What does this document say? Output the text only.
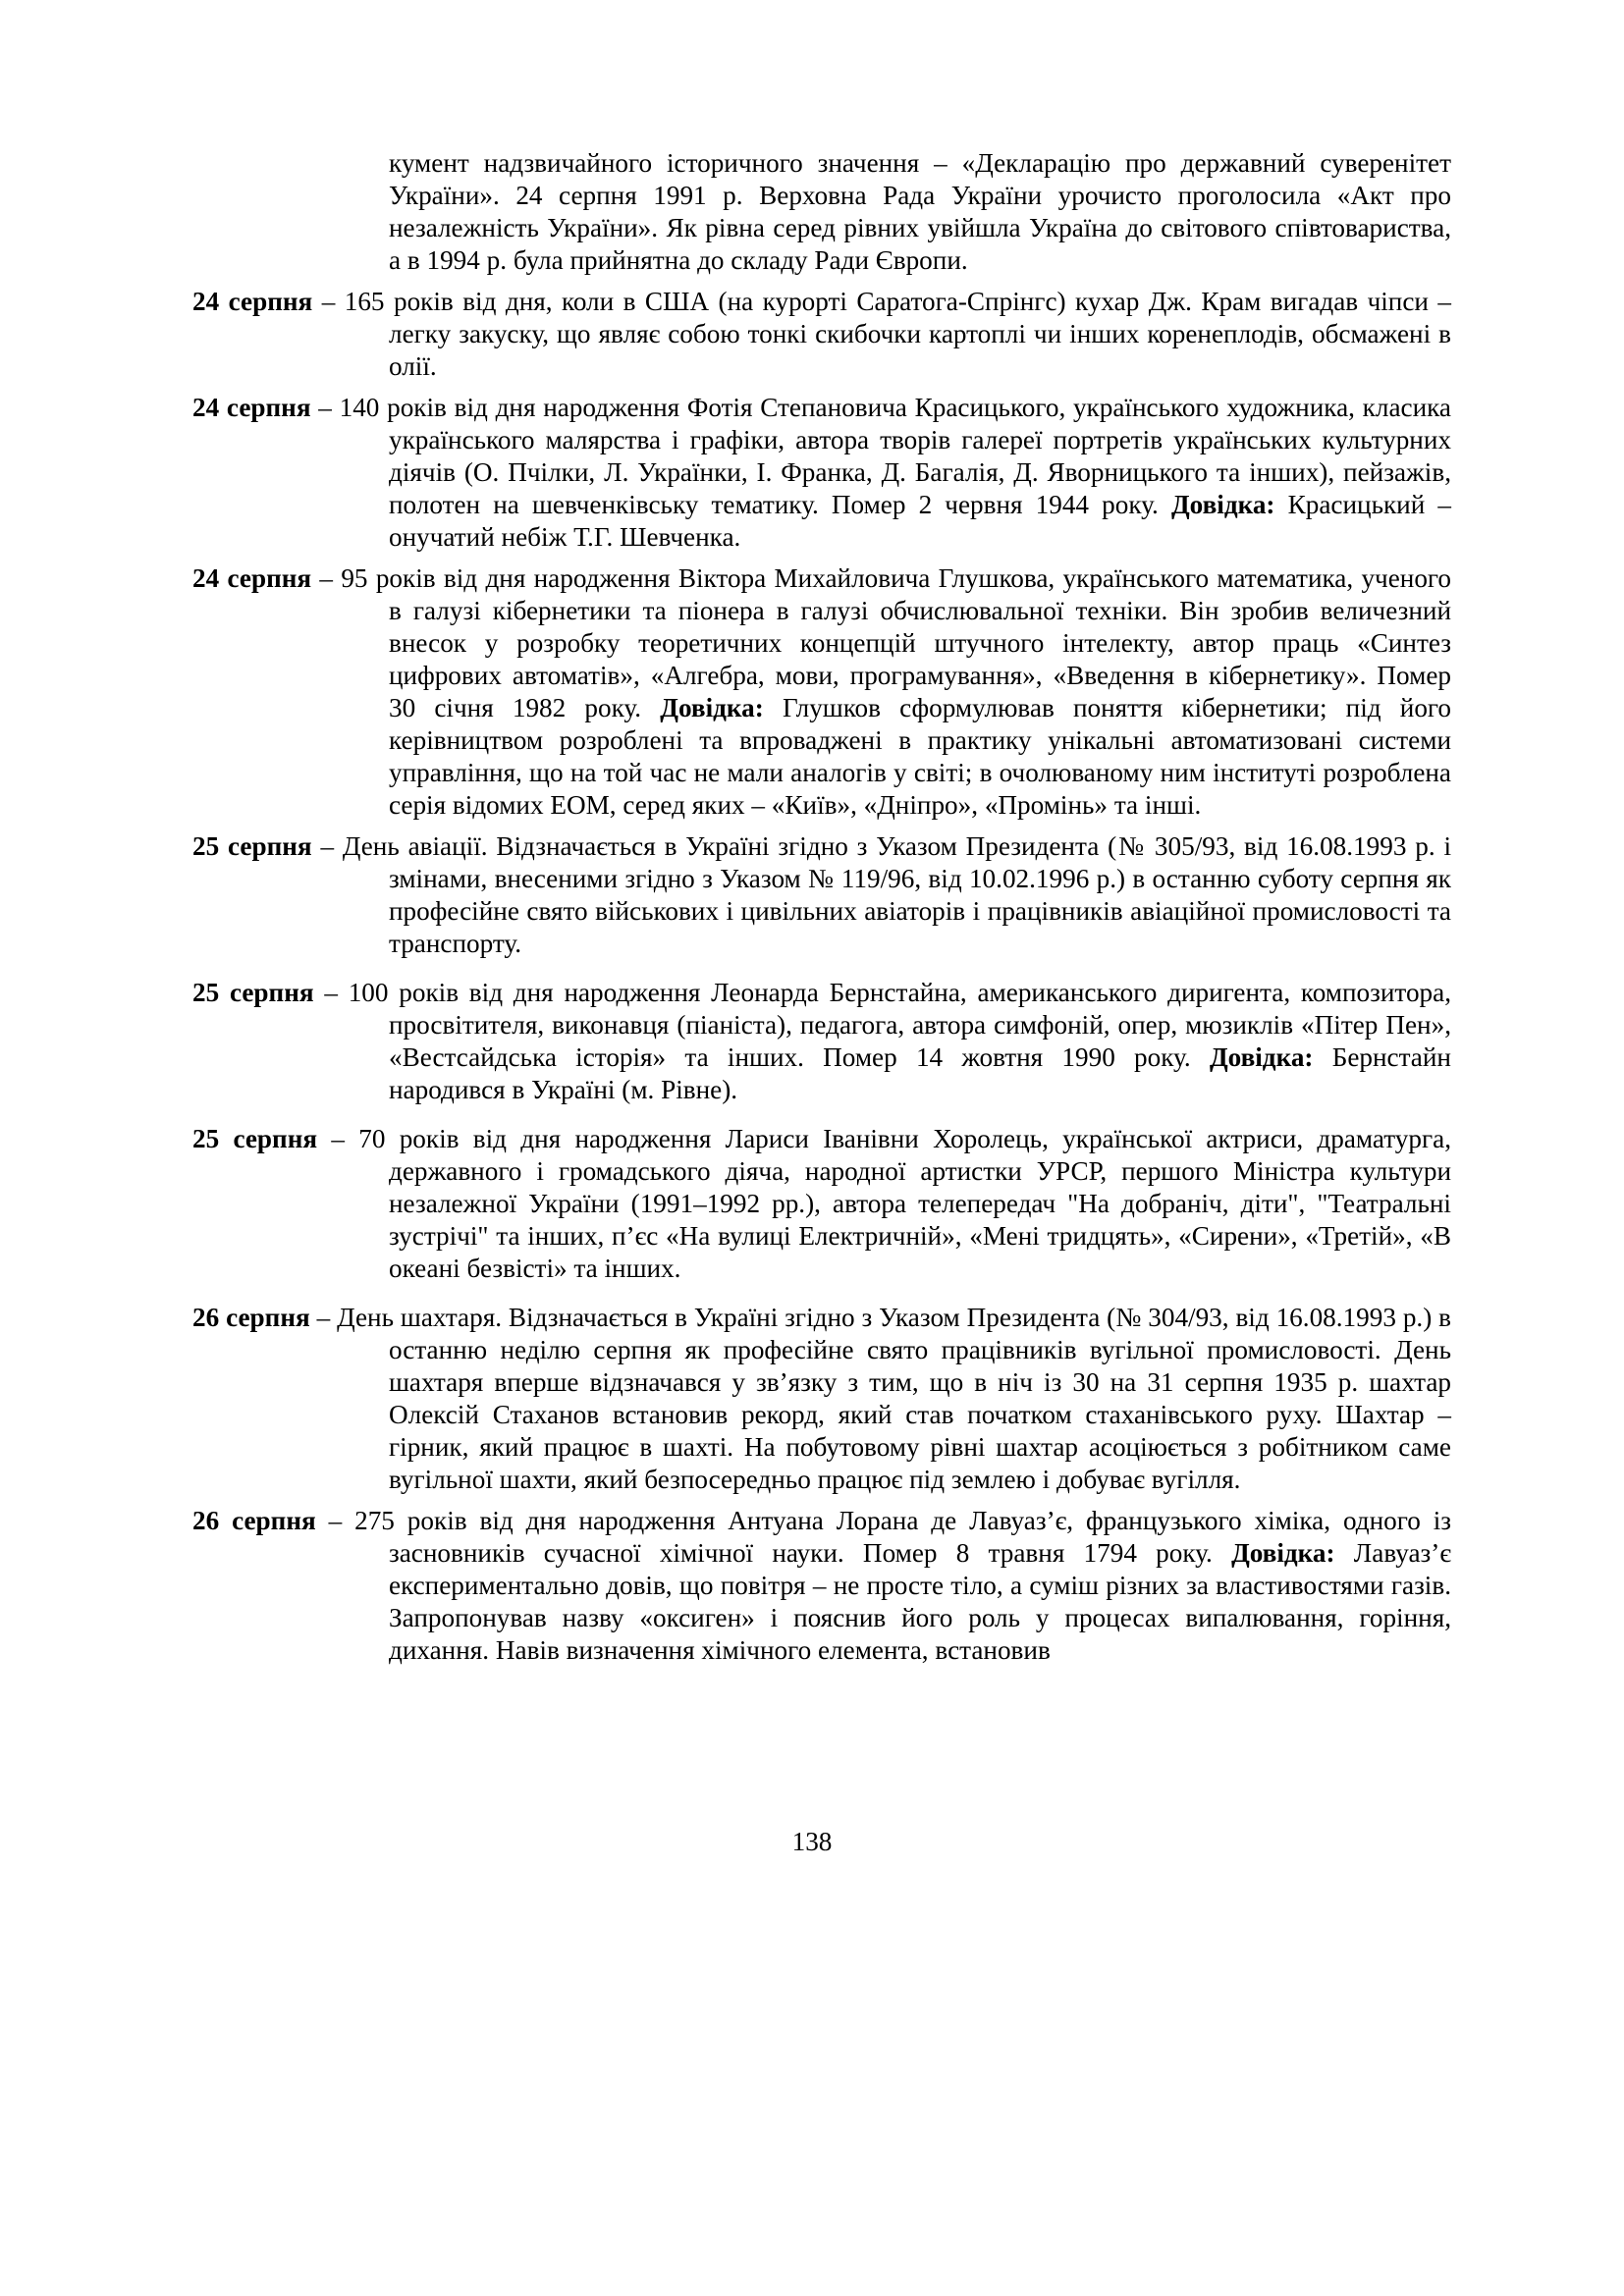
кумент надзвичайного історичного значення – «Декларацію про державний суверенітет України». 24 серпня 1991 р. Верховна Рада України урочисто проголосила «Акт про незалежність України». Як рівна серед рівних увійшла Україна до світового співтовариства, а в 1994 р. була прийнятна до складу Ради Європи.

24 серпня – 165 років від дня, коли в США (на курорті Саратога-Спрінгс) кухар Дж. Крам вигадав чіпси – легку закуску, що являє собою тонкі скибочки картоплі чи інших коренеплодів, обсмажені в олії.

24 серпня – 140 років від дня народження Фотія Степановича Красицького, українського художника, класика українського малярства і графіки, автора творів галереї портретів українських культурних діячів (О. Пчілки, Л. Українки, І. Франка, Д. Багалія, Д. Яворницького та інших), пейзажів, полотен на шевченківську тематику. Помер 2 червня 1944 року. Довідка: Красицький – онучатий небіж Т.Г. Шевченка.

24 серпня – 95 років від дня народження Віктора Михайловича Глушкова, українського математика, ученого в галузі кібернетики та піонера в галузі обчислювальної техніки. Він зробив величезний внесок у розробку теоретичних концепцій штучного інтелекту, автор праць «Синтез цифрових автоматів», «Алгебра, мови, програмування», «Введення в кібернетику». Помер 30 січня 1982 року. Довідка: Глушков сформулював поняття кібернетики; під його керівництвом розроблені та впроваджені в практику унікальні автоматизовані системи управління, що на той час не мали аналогів у світі; в очолюваному ним інституті розроблена серія відомих ЕОМ, серед яких – «Київ», «Дніпро», «Промінь» та інші.

25 серпня – День авіації. Відзначається в Україні згідно з Указом Президента (№ 305/93, від 16.08.1993 р. і змінами, внесеними згідно з Указом № 119/96, від 10.02.1996 р.) в останню суботу серпня як професійне свято військових і цивільних авіаторів і працівників авіаційної промисловості та транспорту.

25 серпня – 100 років від дня народження Леонарда Бернстайна, американського диригента, композитора, просвітителя, виконавця (піаніста), педагога, автора симфоній, опер, мюзиклів «Пітер Пен», «Вестсайдська історія» та інших. Помер 14 жовтня 1990 року. Довідка: Бернстайн народився в Україні (м. Рівне).

25 серпня – 70 років від дня народження Лариси Іванівни Хоролець, української актриси, драматурга, державного і громадського діяча, народної артистки УРСР, першого Міністра культури незалежної України (1991–1992 рр.), автора телепередач "На добраніч, діти", "Театральні зустрічі" та інших, п’єс «На вулиці Електричній», «Мені тридцять», «Сирени», «Третій», «В океані безвісті» та інших.

26 серпня – День шахтаря. Відзначається в Україні згідно з Указом Президента (№ 304/93, від 16.08.1993 р.) в останню неділю серпня як професійне свято працівників вугільної промисловості. День шахтаря вперше відзначався у зв’язку з тим, що в ніч із 30 на 31 серпня 1935 р. шахтар Олексій Стаханов встановив рекорд, який став початком стаханівського руху. Шахтар – гірник, який працює в шахті. На побутовому рівні шахтар асоціюється з робітником саме вугільної шахти, який безпосередньо працює під землею і добуває вугілля.

26 серпня – 275 років від дня народження Антуана Лорана де Лавуаз’є, французького хіміка, одного із засновників сучасної хімічної науки. Помер 8 травня 1794 року. Довідка: Лавуаз’є експериментально довів, що повітря – не просте тіло, а суміш різних за властивостями газів. Запропонував назву «оксиген» і пояснив його роль у процесах випалювання, горіння, дихання. Навів визначення хімічного елемента, встановив

138
